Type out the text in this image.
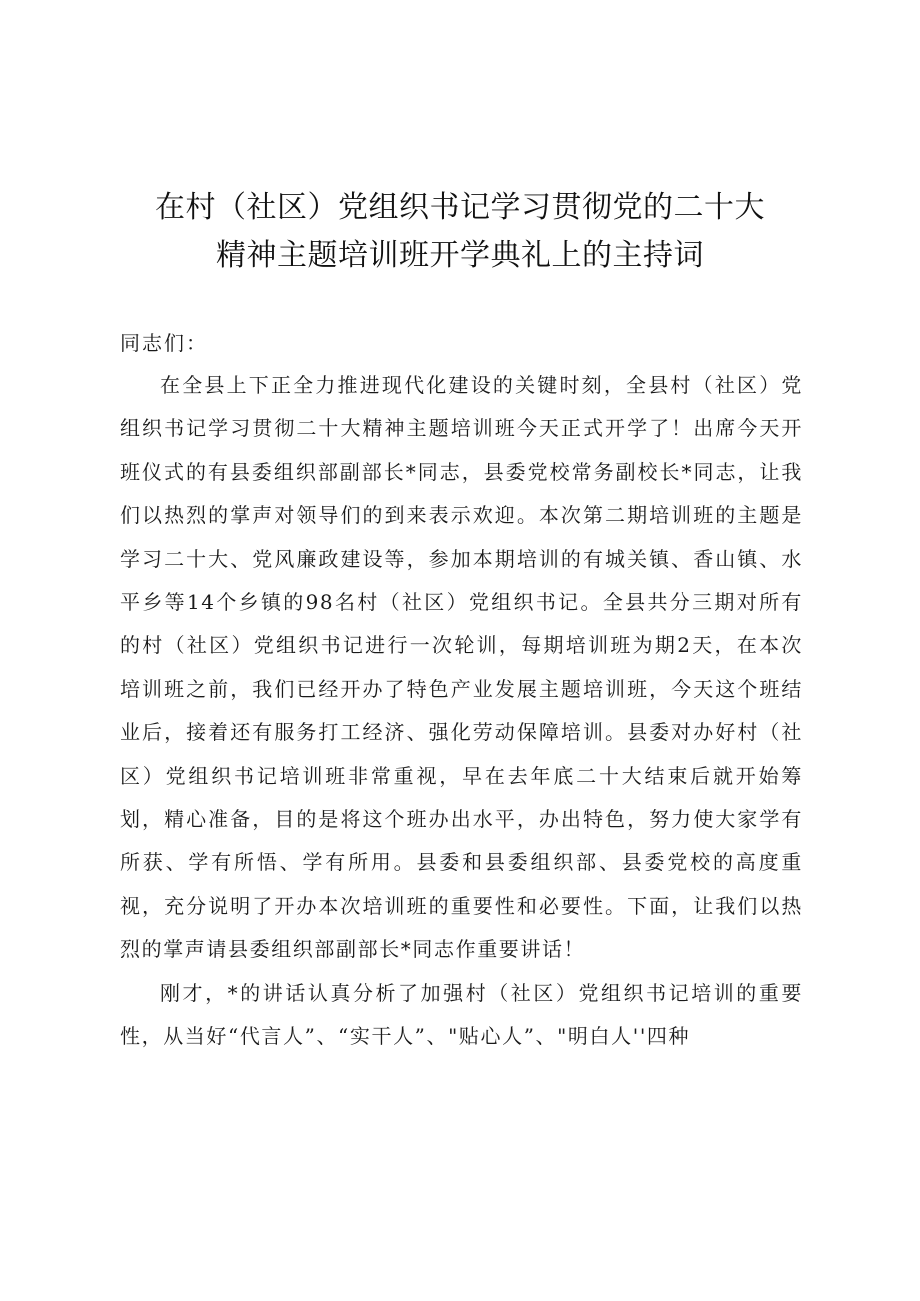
在村（社区）党组织书记学习贯彻党的二十大
精神主题培训班开学典礼上的主持词
同志们：

在全县上下正全力推进现代化建设的关键时刻，全县村（社区）党组织书记学习贯彻二十大精神主题培训班今天正式开学了！出席今天开班仪式的有县委组织部副部长*同志，县委党校常务副校长*同志，让我们以热烈的掌声对领导们的到来表示欢迎。本次第二期培训班的主题是学习二十大、党风廉政建设等，参加本期培训的有城关镇、香山镇、水平乡等14个乡镇的98名村（社区）党组织书记。全县共分三期对所有的村（社区）党组织书记进行一次轮训，每期培训班为期2天，在本次培训班之前，我们已经开办了特色产业发展主题培训班，今天这个班结业后，接着还有服务打工经济、强化劳动保障培训。县委对办好村（社区）党组织书记培训班非常重视，早在去年底二十大结束后就开始筹划，精心准备，目的是将这个班办出水平，办出特色，努力使大家学有所获、学有所悟、学有所用。县委和县委组织部、县委党校的高度重视，充分说明了开办本次培训班的重要性和必要性。下面，让我们以热烈的掌声请县委组织部副部长*同志作重要讲话！

刚才，*的讲话认真分析了加强村（社区）党组织书记培训的重要性，从当好“代言人”、“实干人”、"贴心人”、"明白人''四种
